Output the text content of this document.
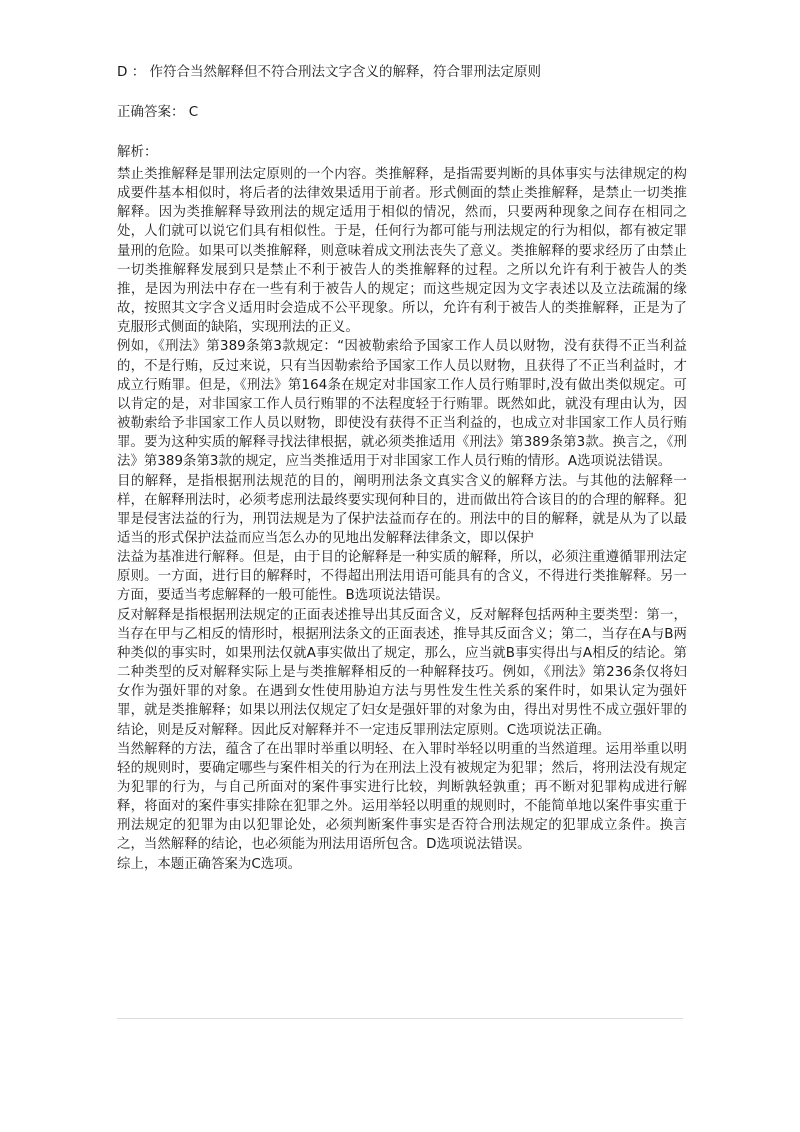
D ： 作符合当然解释但不符合刑法文字含义的解释，符合罪刑法定原则
正确答案： C
解析：

禁止类推解释是罪刑法定原则的一个内容。类推解释，是指需要判断的具体事实与法律规定的构成要件基本相似时，将后者的法律效果适用于前者。形式侧面的禁止类推解释，是禁止一切类推解释。因为类推解释导致刑法的规定适用于相似的情况，然而，只要两种现象之间存在相同之处，人们就可以说它们具有相似性。于是，任何行为都可能与刑法规定的行为相似，都有被定罪量刑的危险。如果可以类推解释，则意味着成文刑法丧失了意义。类推解释的要求经历了由禁止一切类推解释发展到只是禁止不利于被告人的类推解释的过程。之所以允许有利于被告人的类推，是因为刑法中存在一些有利于被告人的规定；而这些规定因为文字表述以及立法疏漏的缘故，按照其文字含义适用时会造成不公平现象。所以，允许有利于被告人的类推解释，正是为了克服形式侧面的缺陷，实现刑法的正义。

例如，《刑法》第389条第3款规定：“因被勒索给予国家工作人员以财物，没有获得不正当利益的，不是行贿，反过来说，只有当因勒索给予国家工作人员以财物，且获得了不正当利益时，才成立行贿罪。但是，《刑法》第164条在规定对非国家工作人员行贿罪时,没有做出类似规定。可以肯定的是，对非国家工作人员行贿罪的不法程度轻于行贿罪。既然如此，就没有理由认为，因被勒索给予非国家工作人员以财物，即使没有获得不正当利益的，也成立对非国家工作人员行贿罪。要为这种实质的解释寻找法律根据，就必须类推适用《刑法》第389条第3款。换言之，《刑法》第389条第3款的规定，应当类推适用于对非国家工作人员行贿的情形。A选项说法错误。

目的解释，是指根据刑法规范的目的，阐明刑法条文真实含义的解释方法。与其他的法解释一样，在解释刑法时，必须考虑刑法最终要实现何种目的，进而做出符合该目的的合理的解释。犯罪是侵害法益的行为，刑罚法规是为了保护法益而存在的。刑法中的目的解释，就是从为了以最适当的形式保护法益而应当怎么办的见地出发解释法律条文，即以保护

法益为基准进行解释。但是，由于目的论解释是一种实质的解释，所以，必须注重遵循罪刑法定原则。一方面，进行目的解释时，不得超出刑法用语可能具有的含义，不得进行类推解释。另一方面，要适当考虑解释的一般可能性。B选项说法错误。

反对解释是指根据刑法规定的正面表述推导出其反面含义，反对解释包括两种主要类型：第一，当存在甲与乙相反的情形时，根据刑法条文的正面表述，推导其反面含义；第二，当存在A与B两种类似的事实时，如果刑法仅就A事实做出了规定，那么，应当就B事实得出与A相反的结论。第二种类型的反对解释实际上是与类推解释相反的一种解释技巧。例如，《刑法》第236条仅将妇女作为强奸罪的对象。在遇到女性使用胁迫方法与男性发生性关系的案件时，如果认定为强奸罪，就是类推解释；如果以刑法仅规定了妇女是强奸罪的对象为由，得出对男性不成立强奸罪的结论，则是反对解释。因此反对解释并不一定违反罪刑法定原则。C选项说法正确。

当然解释的方法，蕴含了在出罪时举重以明轻、在入罪时举轻以明重的当然道理。运用举重以明轻的规则时，要确定哪些与案件相关的行为在刑法上没有被规定为犯罪；然后，将刑法没有规定为犯罪的行为，与自己所面对的案件事实进行比较，判断孰轻孰重；再不断对犯罪构成进行解释，将面对的案件事实排除在犯罪之外。运用举轻以明重的规则时，不能简单地以案件事实重于刑法规定的犯罪为由以犯罪论处，必须判断案件事实是否符合刑法规定的犯罪成立条件。换言之，当然解释的结论，也必须能为刑法用语所包含。D选项说法错误。

综上，本题正确答案为C选项。
